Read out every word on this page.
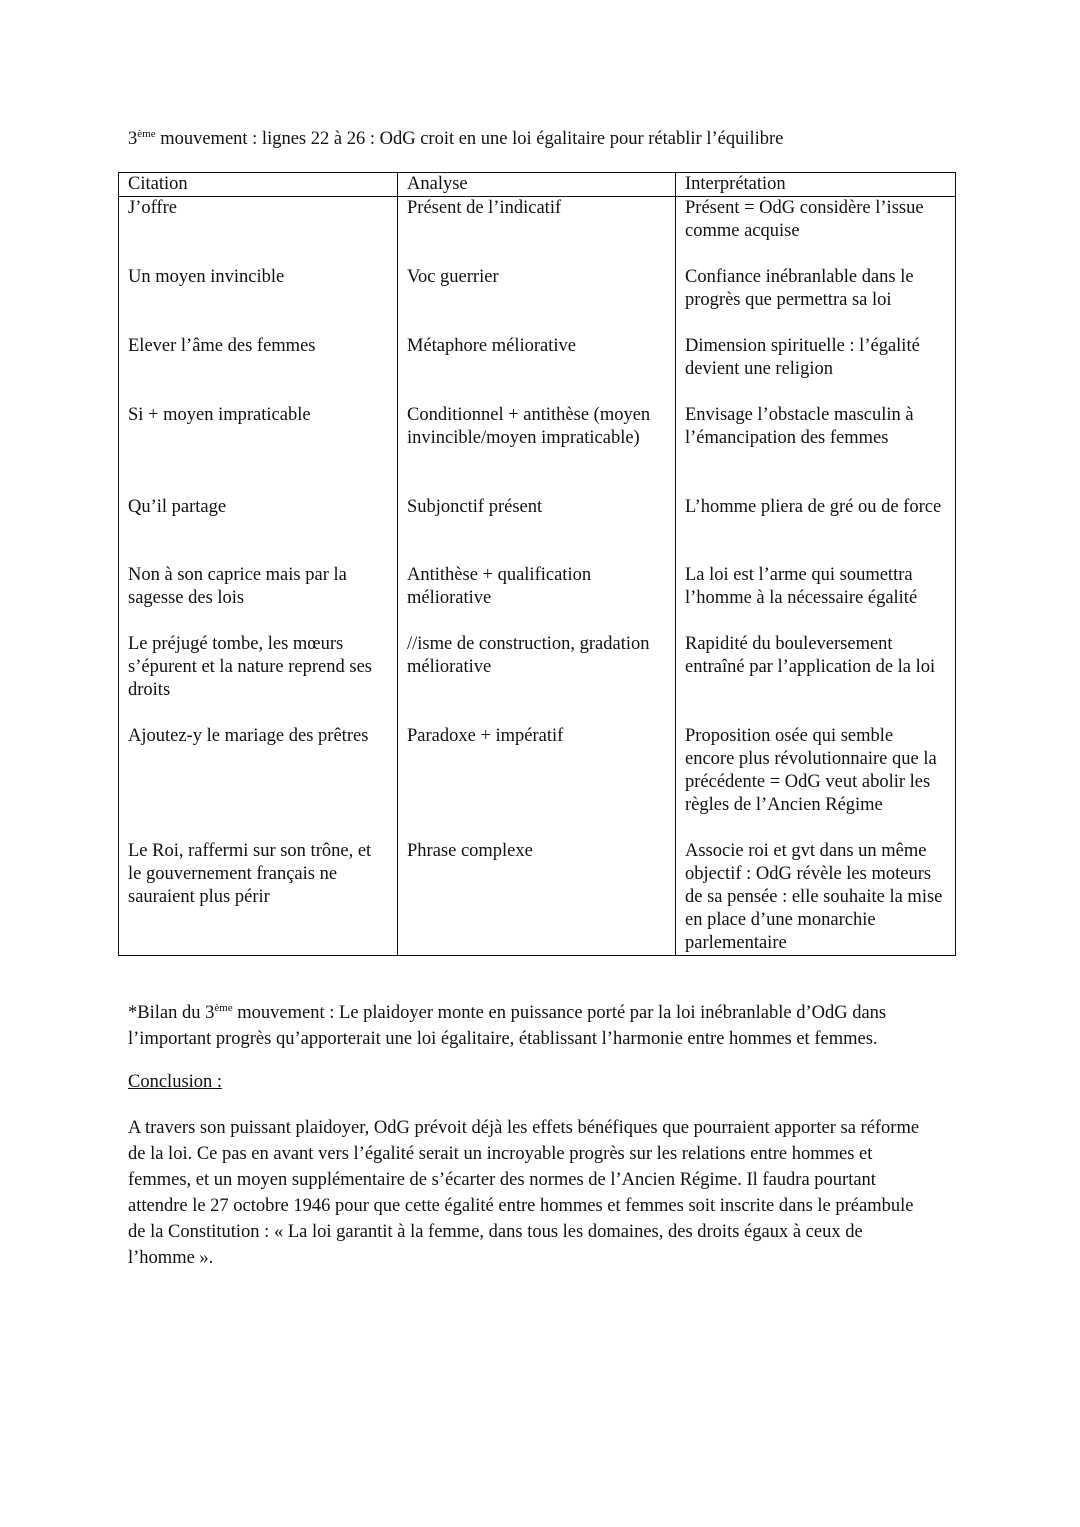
3ème mouvement : lignes 22 à 26 : OdG croit en une loi égalitaire pour rétablir l’équilibre
Citation	Analyse	Interprétation
J’offre	Présent de l’indicatif	Présent = OdG considère l’issue comme acquise
Un moyen invincible	Voc guerrier	Confiance inébranlable dans le progrès que permettra sa loi
Elever l’âme des femmes	Métaphore méliorative	Dimension spirituelle : l’égalité devient une religion
Si + moyen impraticable	Conditionnel + antithèse (moyen invincible/moyen impraticable)	Envisage l’obstacle masculin à l’émancipation des femmes
Qu’il partage	Subjonctif présent	L’homme pliera de gré ou de force
Non à son caprice mais par la sagesse des lois	Antithèse + qualification méliorative	La loi est l’arme qui soumettra l’homme à la nécessaire égalité
Le préjugé tombe, les mœurs s’épurent et la nature reprend ses droits	//isme de construction, gradation méliorative	Rapidité du bouleversement entraîné par l’application de la loi
Ajoutez-y le mariage des prêtres	Paradoxe + impératif	Proposition osée qui semble encore plus révolutionnaire que la précédente = OdG veut abolir les règles de l’Ancien Régime
Le Roi, raffermi sur son trône, et le gouvernement français ne sauraient plus périr	Phrase complexe	Associe roi et gvt dans un même objectif : OdG révèle les moteurs de sa pensée : elle souhaite la mise en place d’une monarchie parlementaire
*Bilan du 3ème mouvement : Le plaidoyer monte en puissance porté par la loi inébranlable d’OdG dans l’important progrès qu’apporterait une loi égalitaire, établissant l’harmonie entre hommes et femmes.
Conclusion :
A travers son puissant plaidoyer, OdG prévoit déjà les effets bénéfiques que pourraient apporter sa réforme de la loi. Ce pas en avant vers l’égalité serait un incroyable progrès sur les relations entre hommes et femmes, et un moyen supplémentaire de s’écarter des normes de l’Ancien Régime. Il faudra pourtant attendre le 27 octobre 1946 pour que cette égalité entre hommes et femmes soit inscrite dans le préambule de la Constitution : « La loi garantit à la femme, dans tous les domaines, des droits égaux à ceux de l’homme ».
